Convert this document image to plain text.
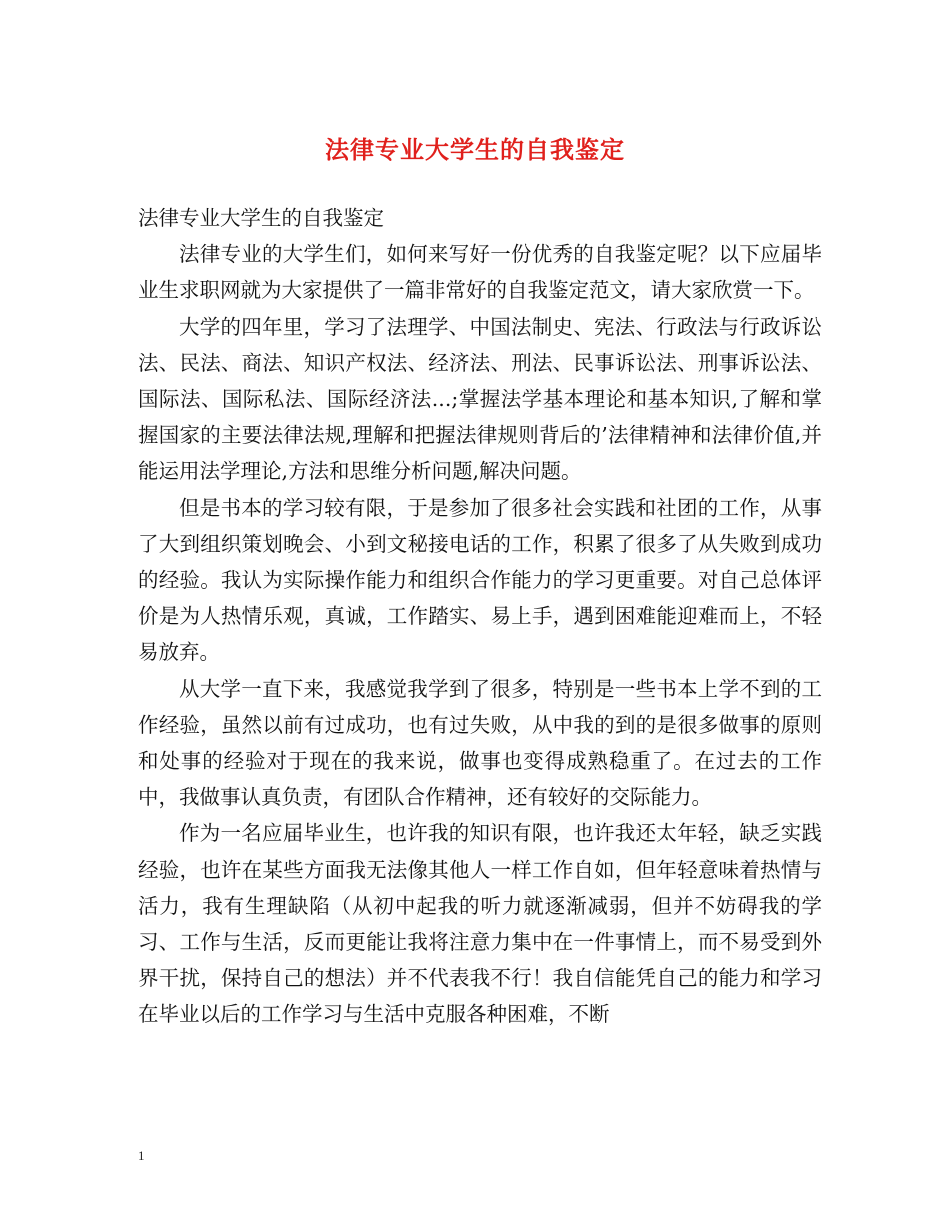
法律专业大学生的自我鉴定

法律专业大学生的自我鉴定

法律专业的大学生们，如何来写好一份优秀的自我鉴定呢？以下应届毕业生求职网就为大家提供了一篇非常好的自我鉴定范文，请大家欣赏一下。

大学的四年里，学习了法理学、中国法制史、宪法、行政法与行政诉讼法、民法、商法、知识产权法、经济法、刑法、民事诉讼法、刑事诉讼法、国际法、国际私法、国际经济法...;掌握法学基本理论和基本知识,了解和掌握国家的主要法律法规,理解和把握法律规则背后的’法律精神和法律价值,并能运用法学理论,方法和思维分析问题,解决问题。

但是书本的学习较有限，于是参加了很多社会实践和社团的工作，从事了大到组织策划晚会、小到文秘接电话的工作，积累了很多了从失败到成功的经验。我认为实际操作能力和组织合作能力的学习更重要。对自己总体评价是为人热情乐观，真诚，工作踏实、易上手，遇到困难能迎难而上，不轻易放弃。

从大学一直下来，我感觉我学到了很多，特别是一些书本上学不到的工作经验，虽然以前有过成功，也有过失败，从中我的到的是很多做事的原则和处事的经验对于现在的我来说，做事也变得成熟稳重了。在过去的工作中，我做事认真负责，有团队合作精神，还有较好的交际能力。

作为一名应届毕业生，也许我的知识有限，也许我还太年轻，缺乏实践经验，也许在某些方面我无法像其他人一样工作自如，但年轻意味着热情与活力，我有生理缺陷（从初中起我的听力就逐渐减弱，但并不妨碍我的学习、工作与生活，反而更能让我将注意力集中在一件事情上，而不易受到外界干扰，保持自己的想法）并不代表我不行！我自信能凭自己的能力和学习在毕业以后的工作学习与生活中克服各种困难，不断

1
